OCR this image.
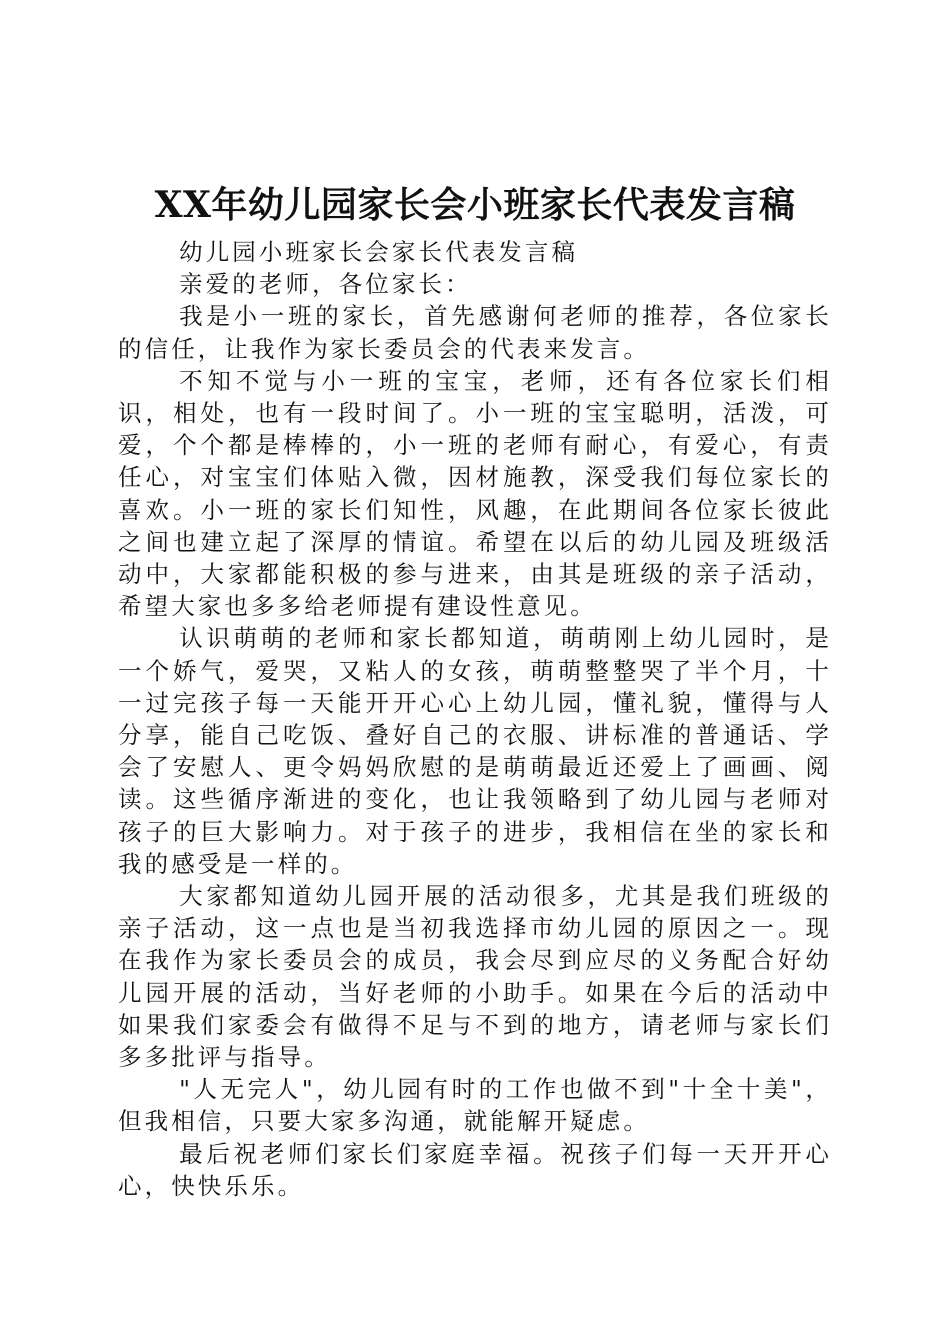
XX年幼儿园家长会小班家长代表发言稿

幼儿园小班家长会家长代表发言稿

亲爱的老师，各位家长：

我是小一班的家长，首先感谢何老师的推荐，各位家长的信任，让我作为家长委员会的代表来发言。

不知不觉与小一班的宝宝，老师，还有各位家长们相识，相处，也有一段时间了。小一班的宝宝聪明，活泼，可爱，个个都是棒棒的，小一班的老师有耐心，有爱心，有责任心，对宝宝们体贴入微，因材施教，深受我们每位家长的喜欢。小一班的家长们知性，风趣，在此期间各位家长彼此之间也建立起了深厚的情谊。希望在以后的幼儿园及班级活动中，大家都能积极的参与进来，由其是班级的亲子活动，希望大家也多多给老师提有建设性意见。

认识萌萌的老师和家长都知道，萌萌刚上幼儿园时，是一个娇气，爱哭，又粘人的女孩，萌萌整整哭了半个月，十一过完孩子每一天能开开心心上幼儿园，懂礼貌，懂得与人分享，能自己吃饭、叠好自己的衣服、讲标准的普通话、学会了安慰人、更令妈妈欣慰的是萌萌最近还爱上了画画、阅读。这些循序渐进的变化，也让我领略到了幼儿园与老师对孩子的巨大影响力。对于孩子的进步，我相信在坐的家长和我的感受是一样的。

大家都知道幼儿园开展的活动很多，尤其是我们班级的亲子活动，这一点也是当初我选择市幼儿园的原因之一。现在我作为家长委员会的成员，我会尽到应尽的义务配合好幼儿园开展的活动，当好老师的小助手。如果在今后的活动中如果我们家委会有做得不足与不到的地方，请老师与家长们多多批评与指导。

"人无完人"，幼儿园有时的工作也做不到"十全十美"，但我相信，只要大家多沟通，就能解开疑虑。

最后祝老师们家长们家庭幸福。祝孩子们每一天开开心心，快快乐乐。
